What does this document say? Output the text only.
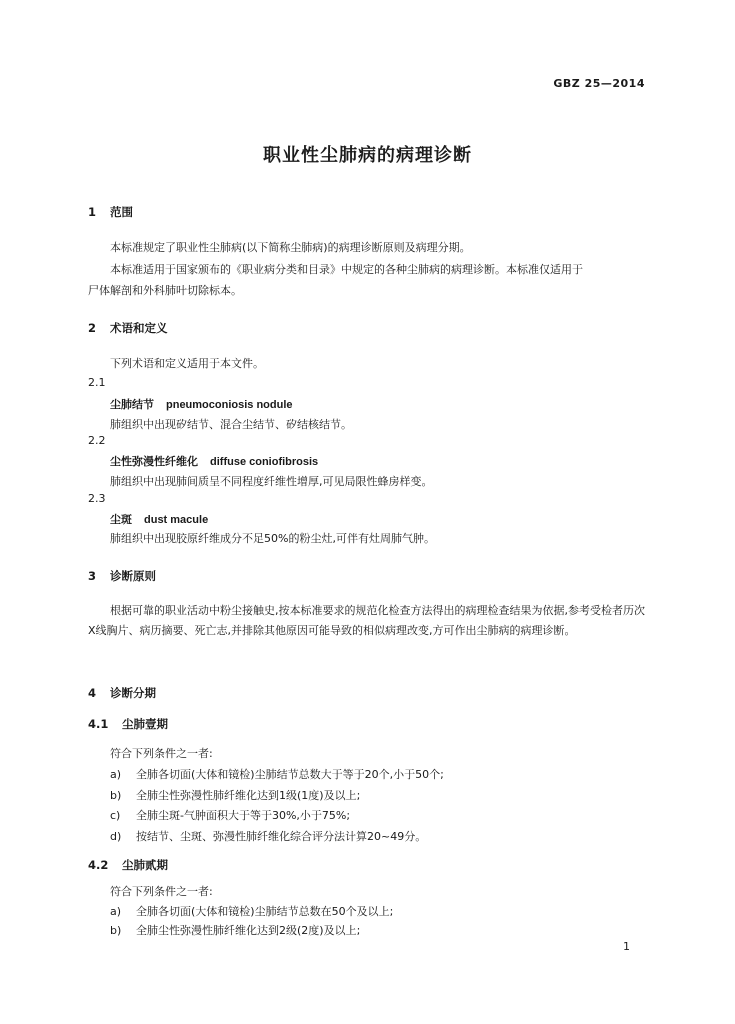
GBZ 25—2014
职业性尘肺病的病理诊断
1 范围
本标准规定了职业性尘肺病(以下简称尘肺病)的病理诊断原则及病理分期。
本标准适用于国家颁布的《职业病分类和目录》中规定的各种尘肺病的病理诊断。本标准仅适用于
尸体解剖和外科肺叶切除标本。
2 术语和定义
下列术语和定义适用于本文件。
2.1
尘肺结节 pneumoconiosis nodule
肺组织中出现矽结节、混合尘结节、矽结核结节。
2.2
尘性弥漫性纤维化 diffuse coniofibrosis
肺组织中出现肺间质呈不同程度纤维性增厚,可见局限性蜂房样变。
2.3
尘斑 dust macule
肺组织中出现胶原纤维成分不足50%的粉尘灶,可伴有灶周肺气肿。
3 诊断原则
根据可靠的职业活动中粉尘接触史,按本标准要求的规范化检查方法得出的病理检查结果为依据,参考受检者历次X线胸片、病历摘要、死亡志,并排除其他原因可能导致的相似病理改变,方可作出尘肺病的病理诊断。
4 诊断分期
4.1 尘肺壹期
符合下列条件之一者:
a) 全肺各切面(大体和镜检)尘肺结节总数大于等于20个,小于50个;
b) 全肺尘性弥漫性肺纤维化达到1级(1度)及以上;
c) 全肺尘斑-气肿面积大于等于30%,小于75%;
d) 按结节、尘斑、弥漫性肺纤维化综合评分法计算20~49分。
4.2 尘肺贰期
符合下列条件之一者:
a) 全肺各切面(大体和镜检)尘肺结节总数在50个及以上;
b) 全肺尘性弥漫性肺纤维化达到2级(2度)及以上;
1
